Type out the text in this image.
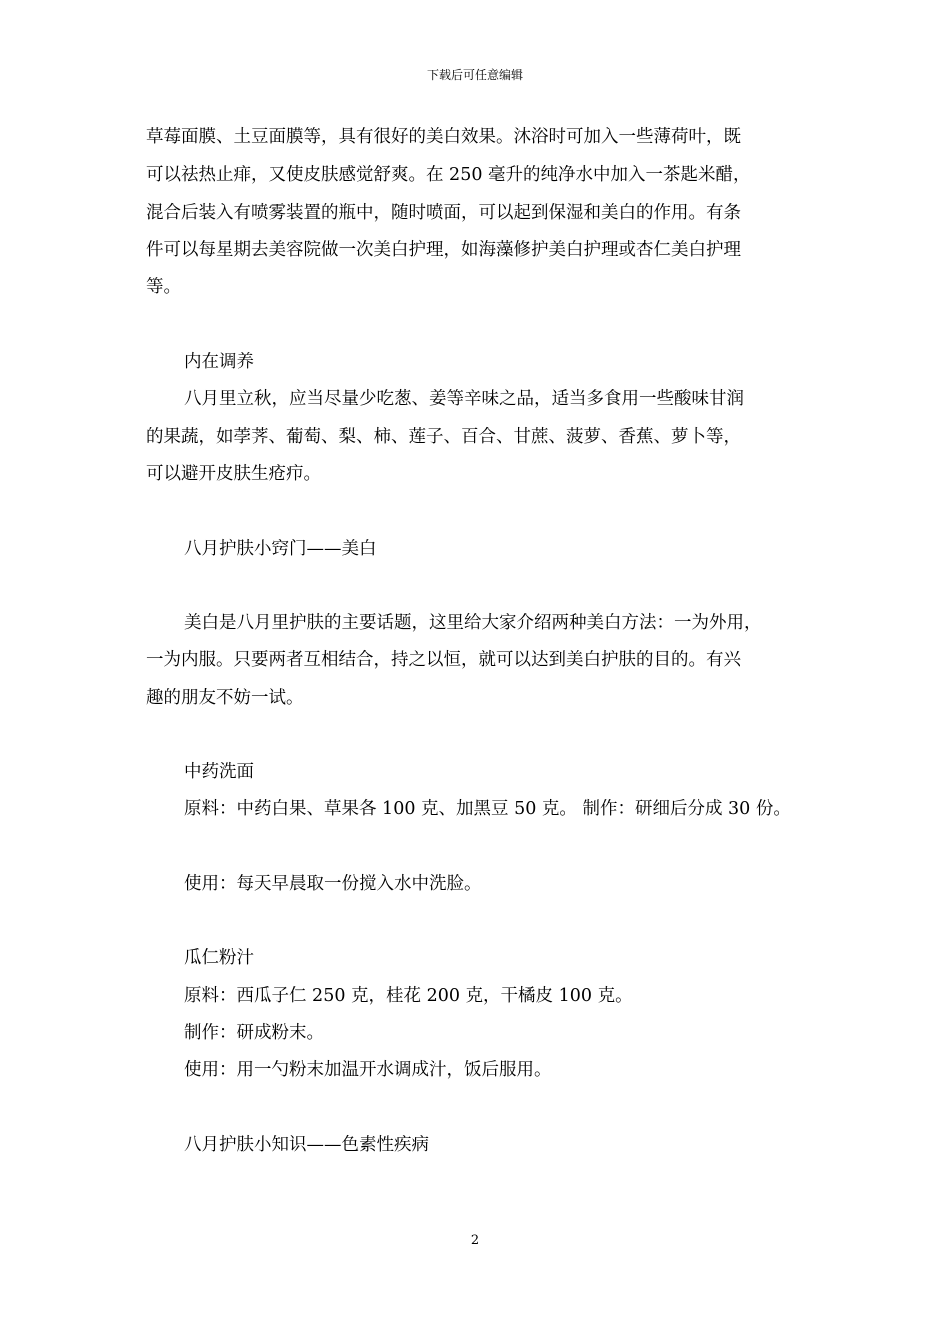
下载后可任意编辑
草莓面膜、土豆面膜等，具有很好的美白效果。沐浴时可加入一些薄荷叶，既
可以祛热止痱，又使皮肤感觉舒爽。在 250 毫升的纯净水中加入一茶匙米醋，
混合后装入有喷雾装置的瓶中，随时喷面，可以起到保湿和美白的作用。有条
件可以每星期去美容院做一次美白护理，如海藻修护美白护理或杏仁美白护理
等。
内在调养
八月里立秋，应当尽量少吃葱、姜等辛味之品，适当多食用一些酸味甘润
的果蔬，如荸荠、葡萄、梨、柿、莲子、百合、甘蔗、菠萝、香蕉、萝卜等，
可以避开皮肤生疮疖。
八月护肤小窍门——美白
美白是八月里护肤的主要话题，这里给大家介绍两种美白方法：一为外用，
一为内服。只要两者互相结合，持之以恒，就可以达到美白护肤的目的。有兴
趣的朋友不妨一试。
中药洗面
原料：中药白果、草果各 100 克、加黑豆 50 克。 制作：研细后分成 30 份。
使用：每天早晨取一份搅入水中洗脸。
瓜仁粉汁
原料：西瓜子仁 250 克，桂花 200 克，干橘皮 100 克。
制作：研成粉末。
使用：用一勺粉末加温开水调成汁，饭后服用。
八月护肤小知识——色素性疾病
2
